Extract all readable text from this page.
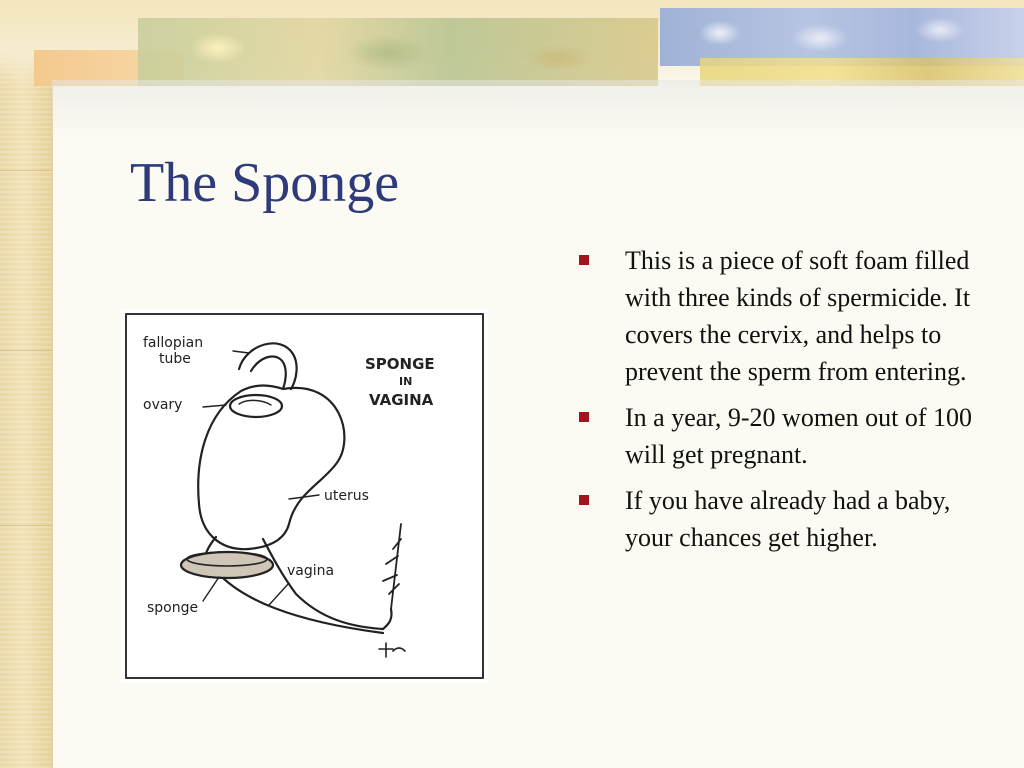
The Sponge
fallopian
tube
ovary
uterus
vagina
sponge
SPONGE
IN
VAGINA
This is a piece of soft foam filled with three kinds of spermicide. It covers the cervix, and helps to prevent the sperm from entering.
In a year, 9-20 women out of 100 will get pregnant.
If you have already had a baby, your chances get higher.
